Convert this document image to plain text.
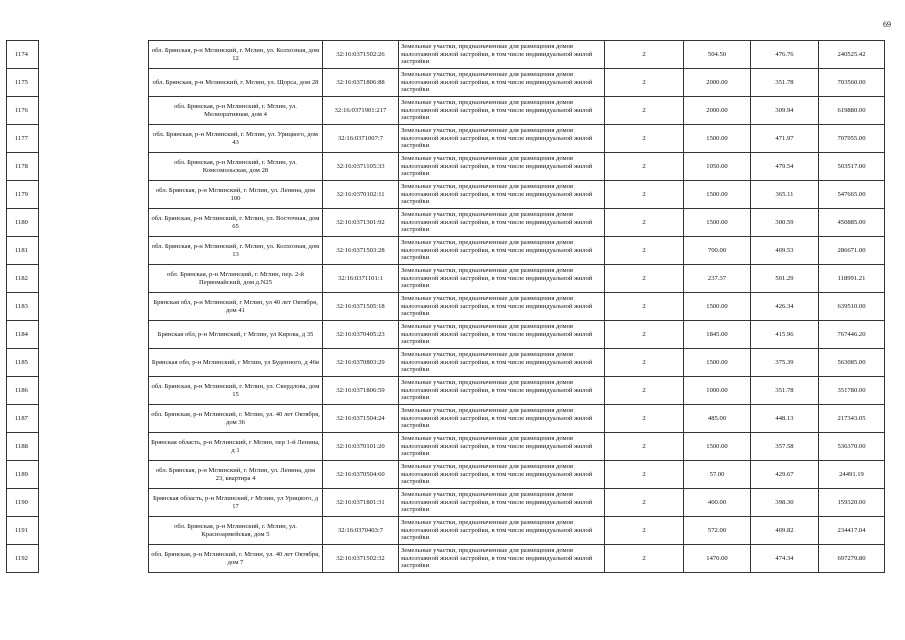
69
1174		обл. Брянская, р-н Мглинский, г. Мглин, ул. Колхозная, дом 12	32:16:0371502:26	Земельные участки, предназначенные для размещения домов малоэтажной жилой застройки, в том числе индивидуальной жилой застройки	2	504.50	476.76	240525.42
1175		обл. Брянская, р-н Мглинский, г. Мглин, ул. Щорса, дом 28	32:16:0371806:88	Земельные участки, предназначенные для размещения домов малоэтажной жилой застройки, в том числе индивидуальной жилой застройки	2	2000.00	351.78	703560.00
1176		обл. Брянская, р-н Мглинский, г. Мглин, ул. Мелиоративная, дом 4	32:16:0371901:217	Земельные участки, предназначенные для размещения домов малоэтажной жилой застройки, в том числе индивидуальной жилой застройки	2	2000.00	309.94	619880.00
1177		обл. Брянская, р-н Мглинский, г. Мглин, ул. Урицкого, дом 43	32:16:0371007:7	Земельные участки, предназначенные для размещения домов малоэтажной жилой застройки, в том числе индивидуальной жилой застройки	2	1500.00	471.97	707955.00
1178		обл. Брянская, р-н Мглинский, г. Мглин, ул. Комсомольская, дом 28	32:16:0371105:33	Земельные участки, предназначенные для размещения домов малоэтажной жилой застройки, в том числе индивидуальной жилой застройки	2	1050.00	479.54	503517.00
1179		обл. Брянская, р-н Мглинский, г. Мглин, ул. Ленина, дом 100	32:16:0370102:11	Земельные участки, предназначенные для размещения домов малоэтажной жилой застройки, в том числе индивидуальной жилой застройки	2	1500.00	365.11	547665.00
1180		обл. Брянская, р-н Мглинский, г. Мглин, ул. Восточная, дом 65	32:16:0371301:92	Земельные участки, предназначенные для размещения домов малоэтажной жилой застройки, в том числе индивидуальной жилой застройки	2	1500.00	300.59	450885.00
1181		обл. Брянская, р-н Мглинский, г. Мглин, ул. Колхозная, дом 13	32:16:0371503:28	Земельные участки, предназначенные для размещения домов малоэтажной жилой застройки, в том числе индивидуальной жилой застройки	2	700.00	409.53	286671.00
1182		обл. Брянская, р-н Мглинский, г. Мглин, пер. 2-й Первомайский, дом д.N25	32:16:0371101:1	Земельные участки, предназначенные для размещения домов малоэтажной жилой застройки, в том числе индивидуальной жилой застройки	2	237.37	501.29	118991.21
1183		Брянская обл, р-н Мглинский, г Мглин, ул 40 лет Октября, дом 41	32:16:0371505:18	Земельные участки, предназначенные для размещения домов малоэтажной жилой застройки, в том числе индивидуальной жилой застройки	2	1500.00	426.34	639510.00
1184		Брянская обл, р-н Мглинский, г Мглин, ул Кирова, д 35	32:16:0370405:23	Земельные участки, предназначенные для размещения домов малоэтажной жилой застройки, в том числе индивидуальной жилой застройки	2	1845.00	415.96	767446.20
1185		Брянская обл, р-н Мглинский, г Мглин, ул Буденного, д 46в	32:16:0370803:29	Земельные участки, предназначенные для размещения домов малоэтажной жилой застройки, в том числе индивидуальной жилой застройки	2	1500.00	375.39	563085.00
1186		обл. Брянская, р-н Мглинский, г. Мглин, ул. Свердлова, дом 15	32:16:0371806:59	Земельные участки, предназначенные для размещения домов малоэтажной жилой застройки, в том числе индивидуальной жилой застройки	2	1000.00	351.78	351780.00
1187		обл. Брянская, р-н Мглинский, г. Мглин, ул. 40 лет Октября, дом 36	32:16:0371504:24	Земельные участки, предназначенные для размещения домов малоэтажной жилой застройки, в том числе индивидуальной жилой застройки	2	485.00	448.13	217343.05
1188		Брянская область, р-н Мглинский, г Мглин, пер 1-й Ленина, д 1	32:16:0370101:20	Земельные участки, предназначенные для размещения домов малоэтажной жилой застройки, в том числе индивидуальной жилой застройки	2	1500.00	357.58	536370.00
1189		обл. Брянская, р-н Мглинский, г. Мглин, ул. Ленина, дом 23, квартира 4	32:16:0370504:60	Земельные участки, предназначенные для размещения домов малоэтажной жилой застройки, в том числе индивидуальной жилой застройки	2	57.00	429.67	24491.19
1190		Брянская область, р-н Мглинский, г Мглин, ул Урицкого, д 17	32:16:0371801:31	Земельные участки, предназначенные для размещения домов малоэтажной жилой застройки, в том числе индивидуальной жилой застройки	2	400.00	398.30	159320.00
1191		обл. Брянская, р-н Мглинский, г. Мглин, ул. Красноармейская, дом 5	32:16:0370403:7	Земельные участки, предназначенные для размещения домов малоэтажной жилой застройки, в том числе индивидуальной жилой застройки	2	572.00	409.82	234417.04
1192		обл. Брянская, р-н Мглинский, г. Мглин, ул. 40 лет Октября, дом 7	32:16:0371502:32	Земельные участки, предназначенные для размещения домов малоэтажной жилой застройки, в том числе индивидуальной жилой застройки	2	1470.00	474.34	697279.80
